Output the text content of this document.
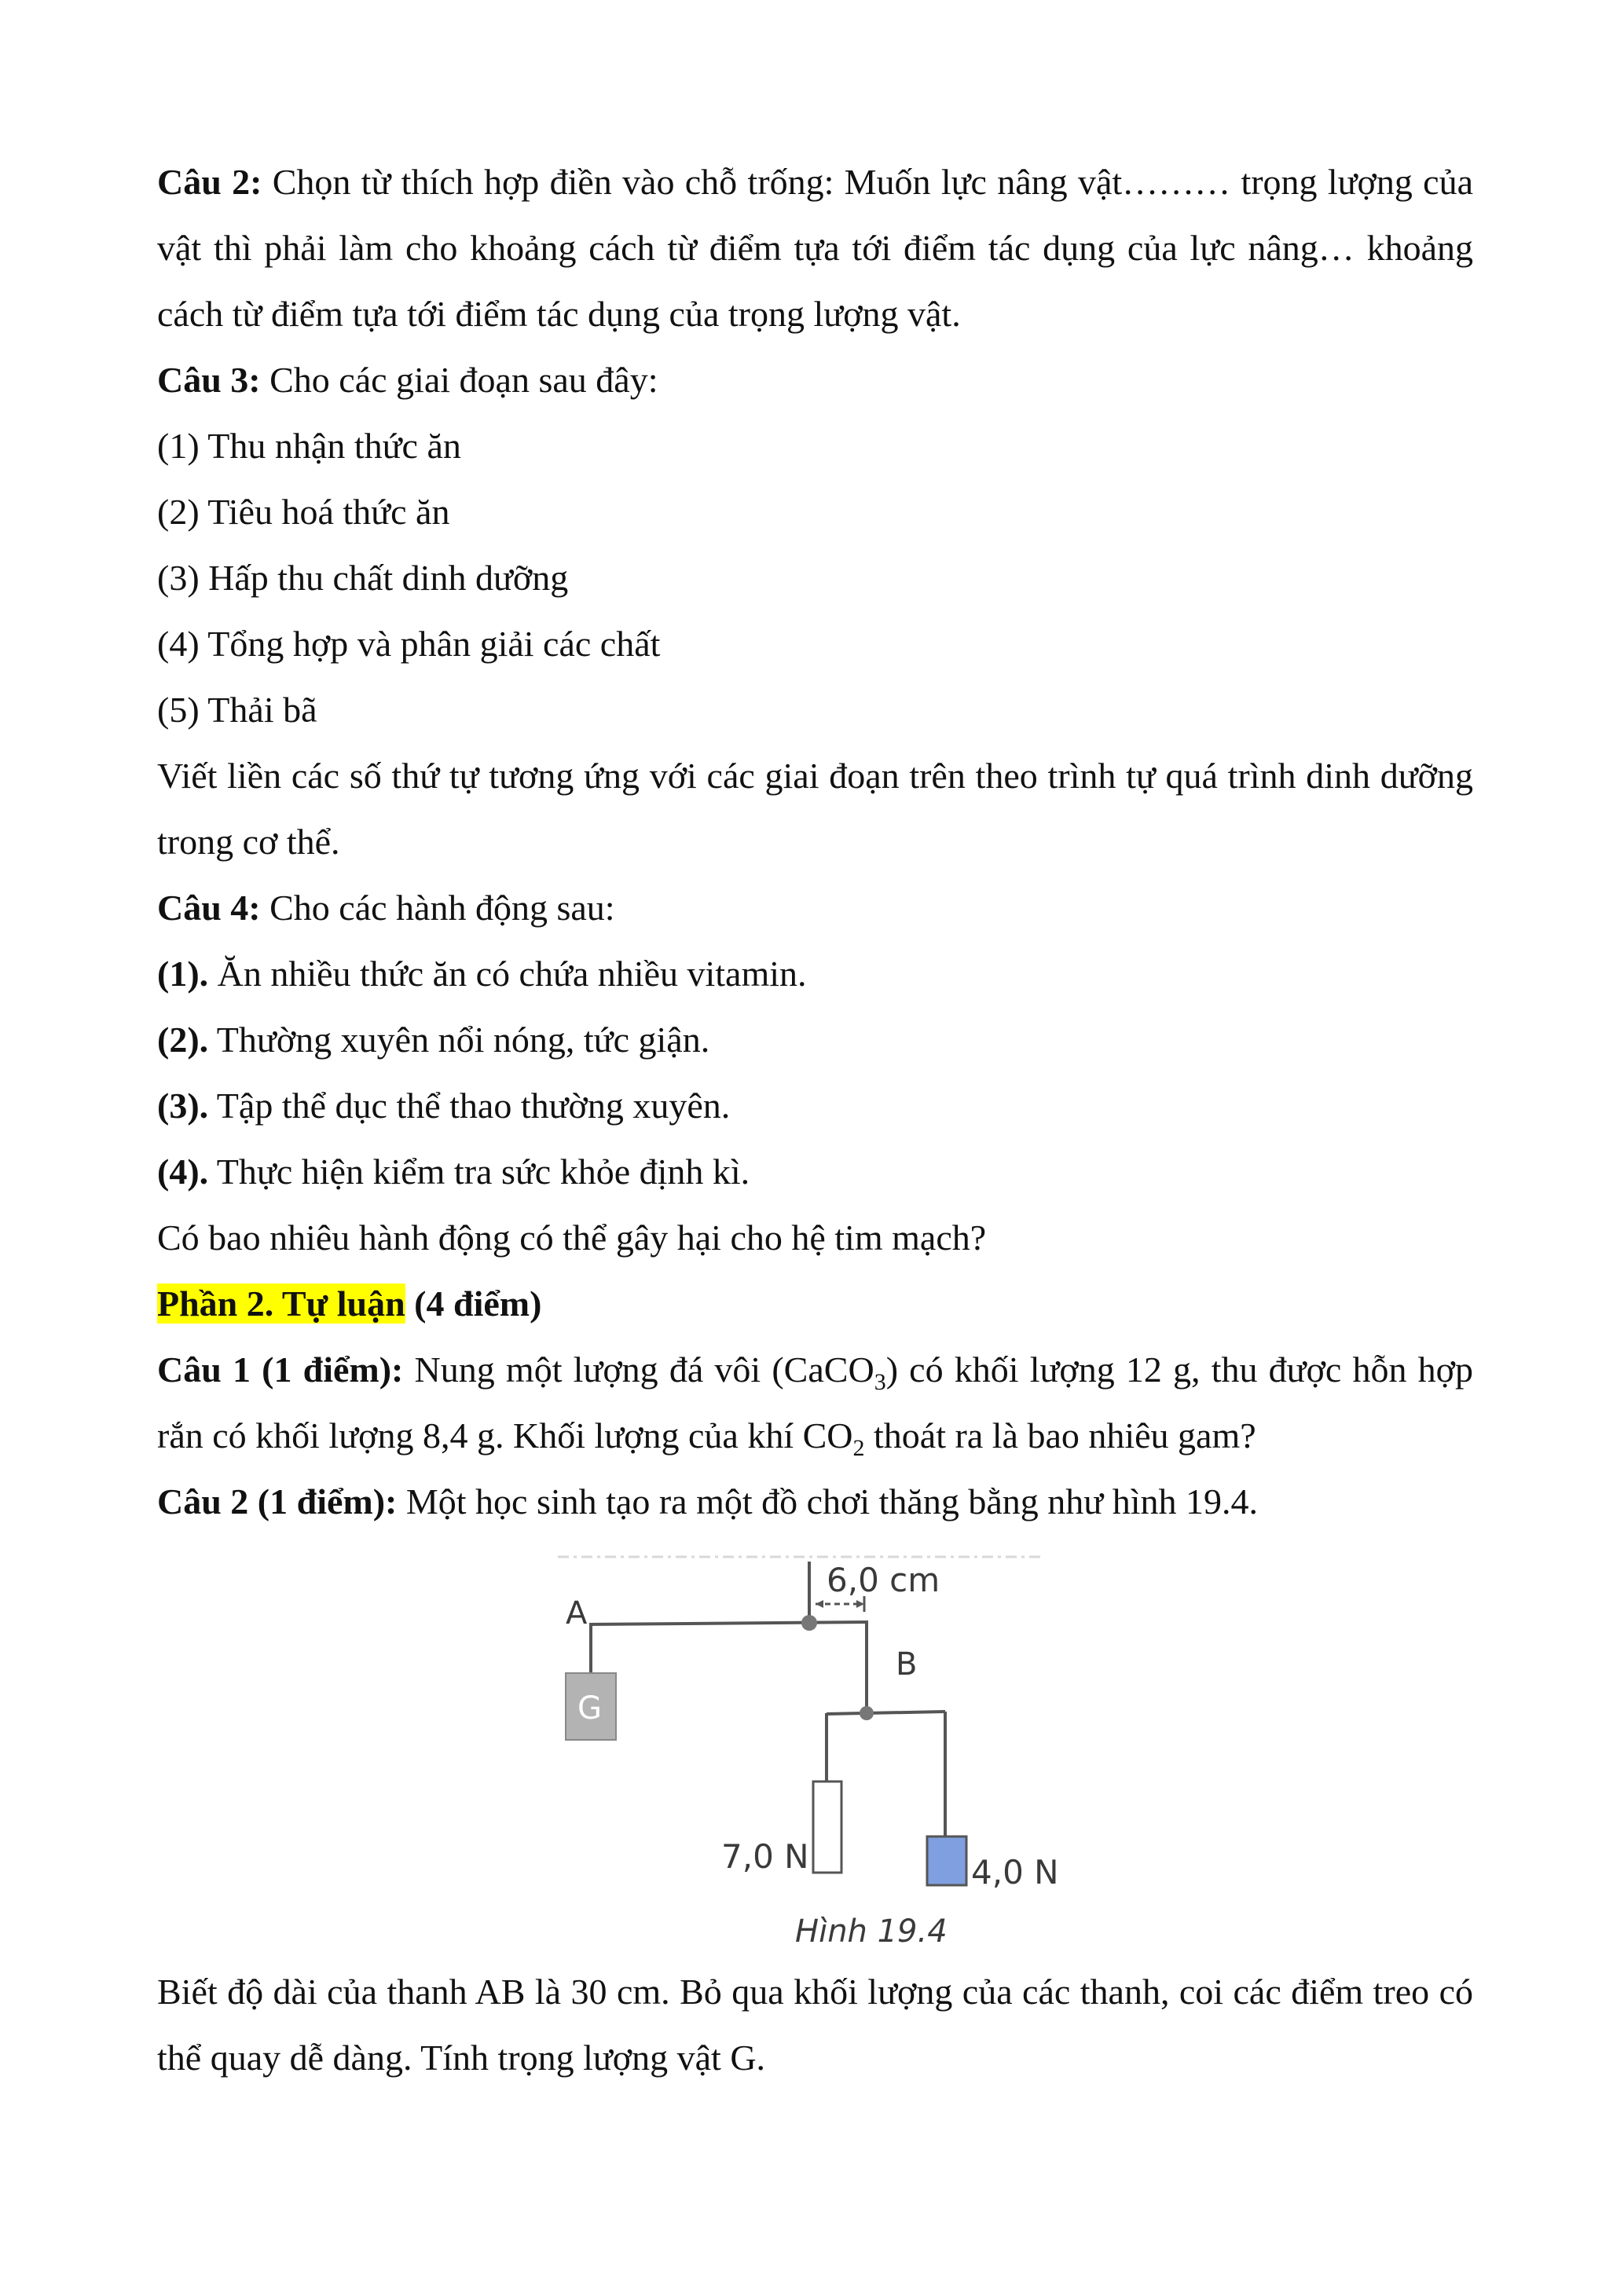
Câu 2: Chọn từ thích hợp điền vào chỗ trống: Muốn lực nâng vật……… trọng lượng của vật thì phải làm cho khoảng cách từ điểm tựa tới điểm tác dụng của lực nâng… khoảng cách từ điểm tựa tới điểm tác dụng của trọng lượng vật.

Câu 3: Cho các giai đoạn sau đây:

(1) Thu nhận thức ăn

(2) Tiêu hoá thức ăn

(3) Hấp thu chất dinh dưỡng

(4) Tổng hợp và phân giải các chất

(5) Thải bã

Viết liền các số thứ tự tương ứng với các giai đoạn trên theo trình tự quá trình dinh dưỡng trong cơ thể.

Câu 4: Cho các hành động sau:

(1). Ăn nhiều thức ăn có chứa nhiều vitamin.

(2). Thường xuyên nổi nóng, tức giận.

(3). Tập thể dục thể thao thường xuyên.

(4). Thực hiện kiểm tra sức khỏe định kì.

Có bao nhiêu hành động có thể gây hại cho hệ tim mạch?

Phần 2. Tự luận (4 điểm)

Câu 1 (1 điểm): Nung một lượng đá vôi (CaCO$_3$) có khối lượng 12 g, thu được hỗn hợp rắn có khối lượng 8,4 g. Khối lượng của khí $CO_2$ thoát ra là bao nhiêu gam?

Câu 2 (1 điểm): Một học sinh tạo ra một đồ chơi thăng bằng như hình 19.4.

A
B
G
6,0 cm
7,0 N	4,0 N
Hình 19.4

Biết độ dài của thanh AB là 30 cm. Bỏ qua khối lượng của các thanh, coi các điểm treo có thể quay dễ dàng. Tính trọng lượng vật G.
